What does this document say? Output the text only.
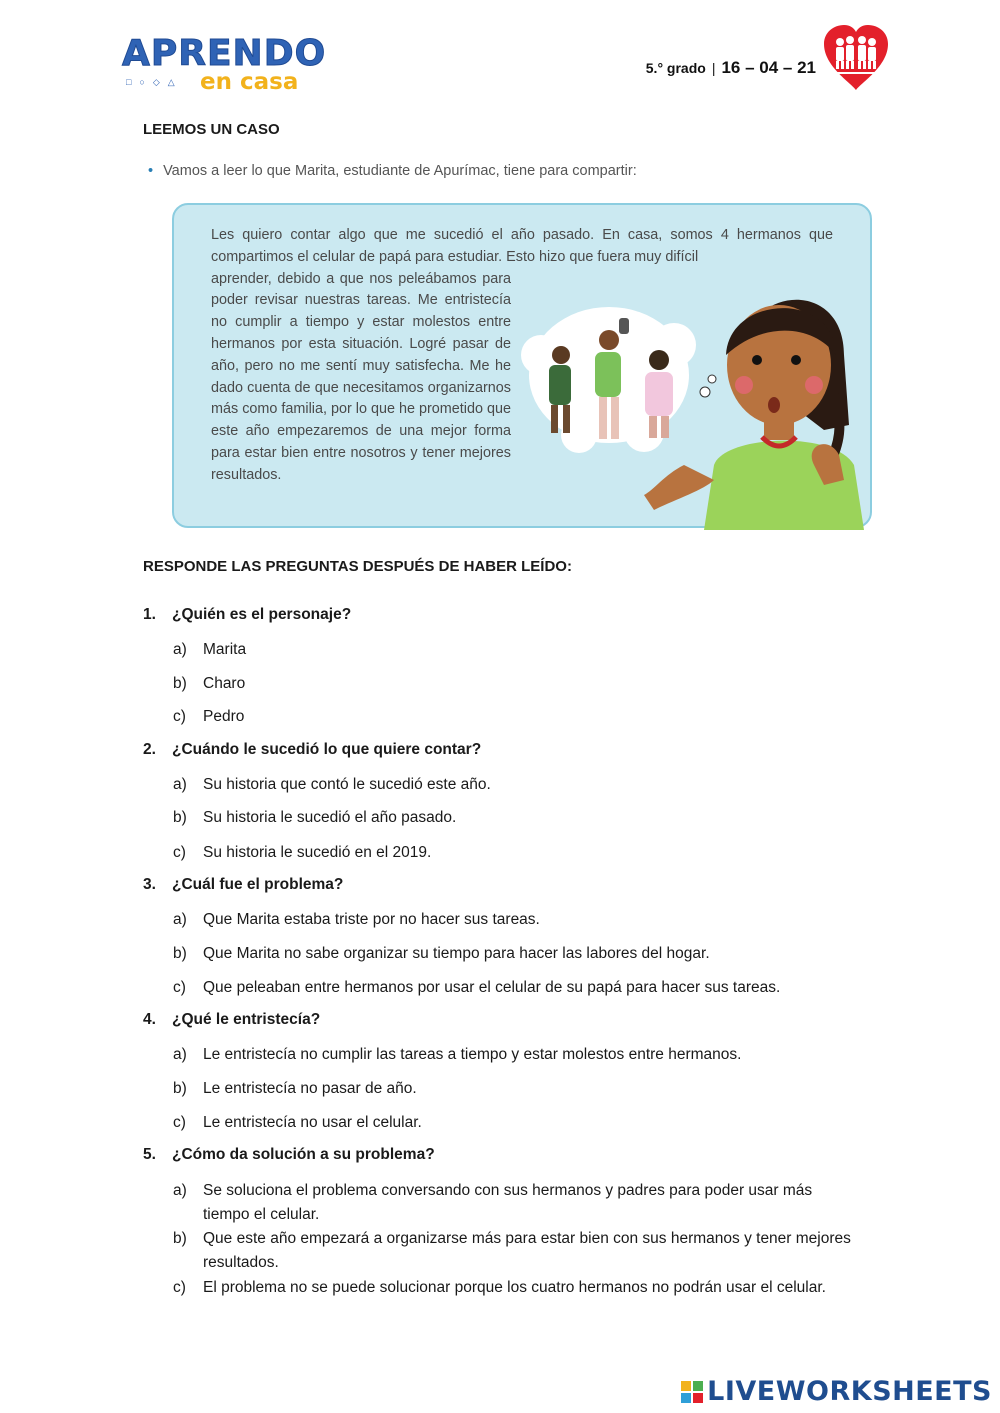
APRENDO
□○◇△ en casa
5.° grado | 16 – 04 – 21
LEEMOS UN CASO
• Vamos a leer lo que Marita, estudiante de Apurímac, tiene para compartir:
Les quiero contar algo que me sucedió el año pasado. En casa, somos 4 hermanos que compartimos el celular de papá para estudiar. Esto hizo que fuera muy difícil
aprender, debido a que nos peleábamos para poder revisar nuestras tareas. Me entristecía no cumplir a tiempo y estar molestos entre hermanos por esta situación. Logré pasar de año, pero no me sentí muy satisfecha. Me he dado cuenta de que necesitamos organizarnos más como familia, por lo que he prometido que este año empezaremos de una mejor forma para estar bien entre nosotros y tener mejores resultados.
RESPONDE LAS PREGUNTAS DESPUÉS DE HABER LEÍDO:
1. ¿Quién es el personaje?
a)	Marita
b)	Charo
c)	Pedro
2. ¿Cuándo le sucedió lo que quiere contar?
a)	Su historia que contó le sucedió este año.
b)	Su historia le sucedió el año pasado.
c)	Su historia le sucedió en el 2019.
3. ¿Cuál fue el problema?
a)	Que Marita estaba triste por no hacer sus tareas.
b)	Que Marita no sabe organizar su tiempo para hacer las labores del hogar.
c)	Que peleaban entre hermanos por usar el celular de su papá para hacer sus tareas.
4. ¿Qué le entristecía?
a)	Le entristecía no cumplir las tareas a tiempo y estar molestos entre hermanos.
b)	Le entristecía no pasar de año.
c)	Le entristecía no usar el celular.
5. ¿Cómo da solución a su problema?
a)	Se soluciona el problema conversando con sus hermanos y padres para poder usar más tiempo el celular.
b)	Que este año empezará a organizarse más para estar bien con sus hermanos y tener mejores resultados.
c)	El problema no se puede solucionar porque los cuatro hermanos no podrán usar el celular.
LIVEWORKSHEETS
